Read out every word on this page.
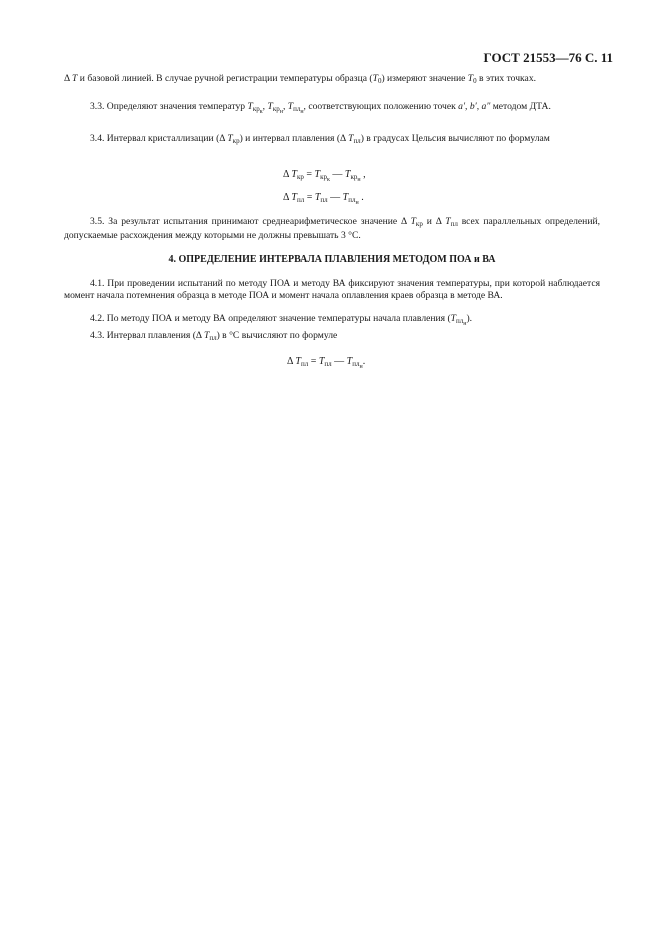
ГОСТ 21553—76 С. 11
Δ T и базовой линией. В случае ручной регистрации температуры образца $(T_0)$ измеряют значение $T_0$ в этих точках.
3.3. Определяют значения температур $T_{кр_к}$, $T_{кр_н}$, $T_{пл_н}$, соответствующих положению точек a′, b′, a″ методом ДТА.
3.4. Интервал кристаллизации (Δ $T_{кр}$) и интервал плавления (Δ $T_{пл}$) в градусах Цельсия вычисляют по формулам
Δ $T_{кр} = T_{кр_к}$ — $T_{кр_н}$ ,
Δ $T_{пл} = T_{пл}$ — $T_{пл_н}$ .
3.5. За результат испытания принимают среднеарифметическое значение Δ $T_{кр}$ и Δ $T_{пл}$ всех параллельных определений, допускаемые расхождения между которыми не должны превышать 3 °С.
4. ОПРЕДЕЛЕНИЕ ИНТЕРВАЛА ПЛАВЛЕНИЯ МЕТОДОМ ПОА и ВА
4.1. При проведении испытаний по методу ПОА и методу ВА фиксируют значения температуры, при которой наблюдается момент начала потемнения образца в методе ПОА и момент начала оплавления краев образца в методе ВА.
4.2. По методу ПОА и методу ВА определяют значение температуры начала плавления $(T_{пл_н})$.
4.3. Интервал плавления (Δ $T_{пл}$) в °С вычисляют по формуле
Δ $T_{пл} = T_{пл}$ — $T_{пл_н}$.
